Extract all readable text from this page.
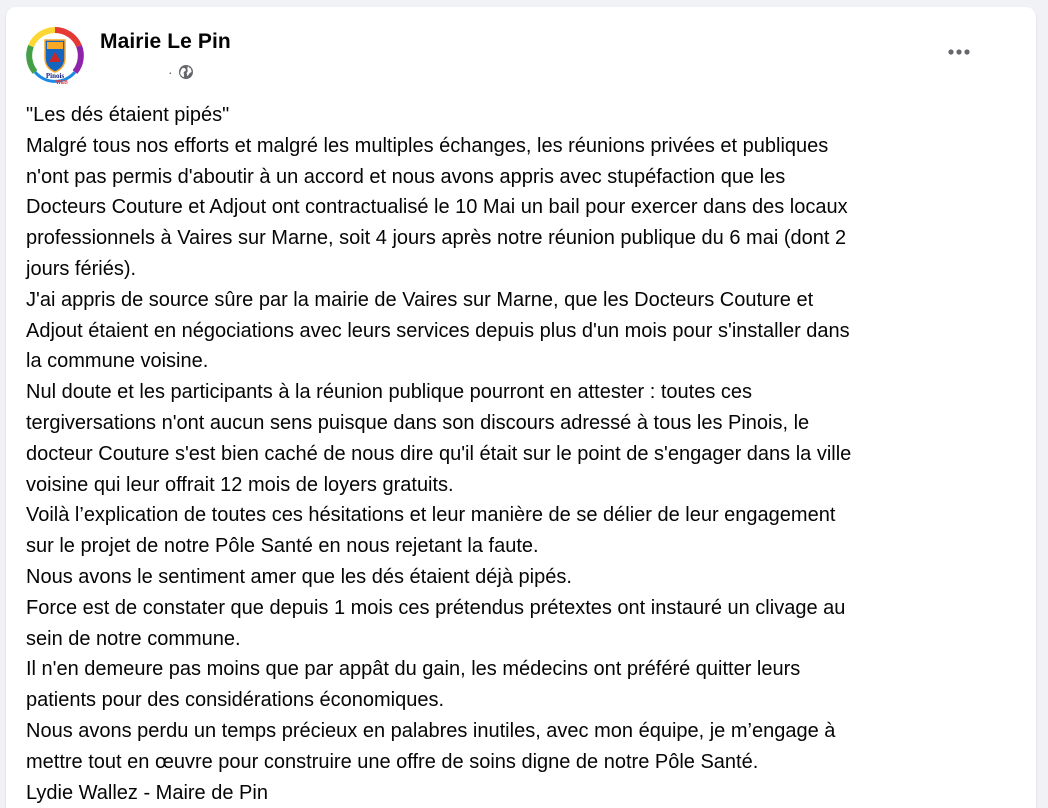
Pinois
WEB
Mairie Le Pin
·
"Les dés étaient pipés"
Malgré tous nos efforts et malgré les multiples échanges, les réunions privées et publiques
n'ont pas permis d'aboutir à un accord et nous avons appris avec stupéfaction que les
Docteurs Couture et Adjout ont contractualisé le 10 Mai un bail pour exercer dans des locaux
professionnels à Vaires sur Marne, soit 4 jours après notre réunion publique du 6 mai (dont 2
jours fériés).
J'ai appris de source sûre par la mairie de Vaires sur Marne, que les Docteurs Couture et
Adjout étaient en négociations avec leurs services depuis plus d'un mois pour s'installer dans
la commune voisine.
Nul doute et les participants à la réunion publique pourront en attester : toutes ces
tergiversations n'ont aucun sens puisque dans son discours adressé à tous les Pinois, le
docteur Couture s'est bien caché de nous dire qu'il était sur le point de s'engager dans la ville
voisine qui leur offrait 12 mois de loyers gratuits.
Voilà l’explication de toutes ces hésitations et leur manière de se délier de leur engagement
sur le projet de notre Pôle Santé en nous rejetant la faute.
Nous avons le sentiment amer que les dés étaient déjà pipés.
Force est de constater que depuis 1 mois ces prétendus prétextes ont instauré un clivage au
sein de notre commune.
Il n'en demeure pas moins que par appât du gain, les médecins ont préféré quitter leurs
patients pour des considérations économiques.
Nous avons perdu un temps précieux en palabres inutiles, avec mon équipe, je m’engage à
mettre tout en œuvre pour construire une offre de soins digne de notre Pôle Santé.
Lydie Wallez - Maire de Pin
